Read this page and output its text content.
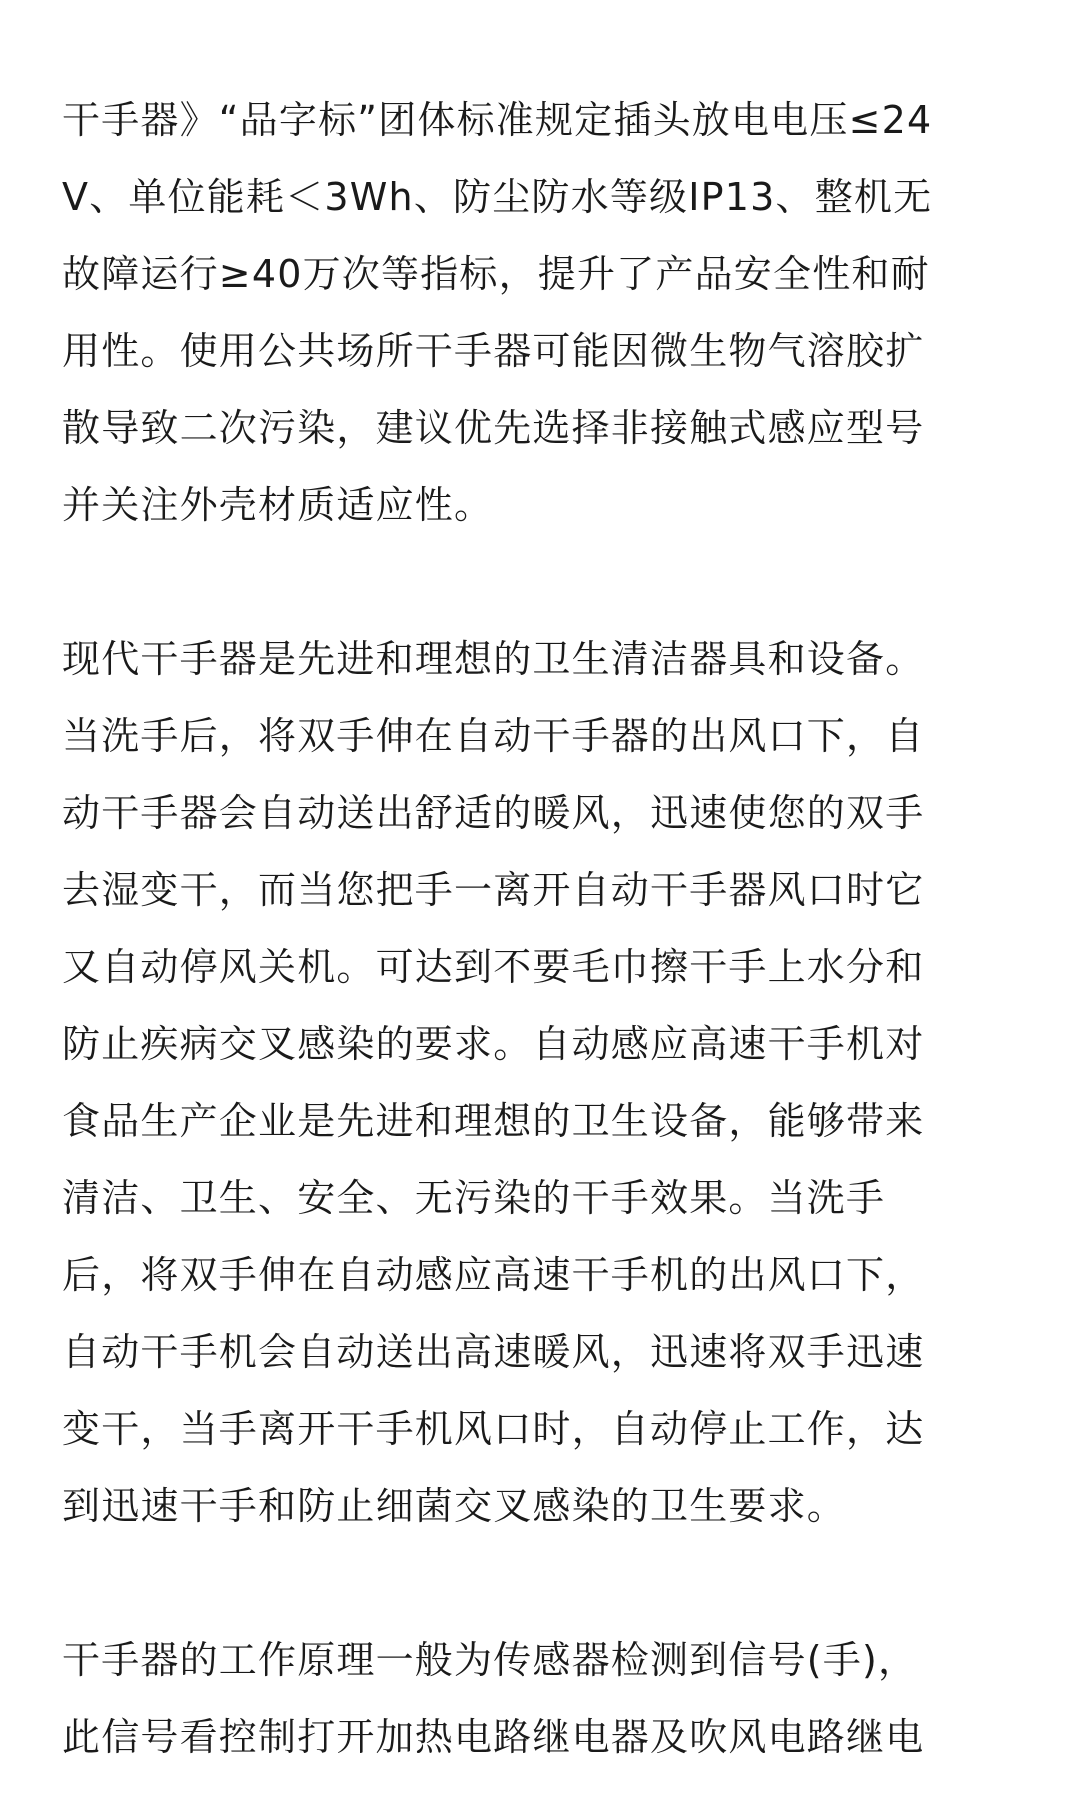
干手器》“品字标”团体标准规定插头放电电压≤24
V、单位能耗＜3Wh、防尘防水等级IP13、整机无
故障运行≥40万次等指标，提升了产品安全性和耐
用性。使用公共场所干手器可能因微生物气溶胶扩
散导致二次污染，建议优先选择非接触式感应型号
并关注外壳材质适应性。
现代干手器是先进和理想的卫生清洁器具和设备。
当洗手后，将双手伸在自动干手器的出风口下，自
动干手器会自动送出舒适的暖风，迅速使您的双手
去湿变干，而当您把手一离开自动干手器风口时它
又自动停风关机。可达到不要毛巾擦干手上水分和
防止疾病交叉感染的要求。自动感应高速干手机对
食品生产企业是先进和理想的卫生设备，能够带来
清洁、卫生、安全、无污染的干手效果。当洗手
后，将双手伸在自动感应高速干手机的出风口下，
自动干手机会自动送出高速暖风，迅速将双手迅速
变干，当手离开干手机风口时，自动停止工作，达
到迅速干手和防止细菌交叉感染的卫生要求。
干手器的工作原理一般为传感器检测到信号(手)，
此信号看控制打开加热电路继电器及吹风电路继电
